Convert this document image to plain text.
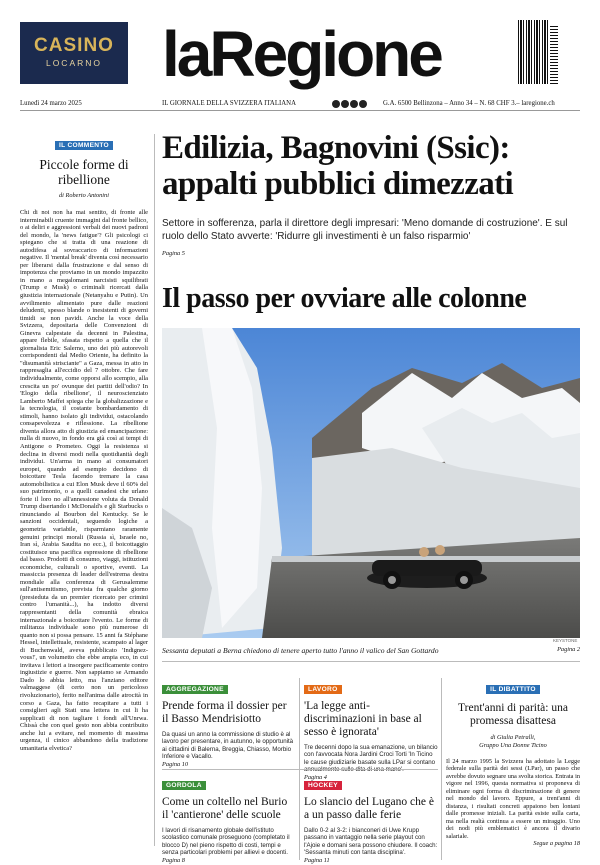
CASINO
LOCARNO laRegione
Lunedì 24 marzo 2025	IL GIORNALE DELLA SVIZZERA ITALIANA	G.A. 6500 Bellinzona – Anno 34 – N. 68 CHF 3.– laregione.ch
IL COMMENTO
Piccole forme di ribellione
di Roberto Antonini

Chi di noi non ha mai sentito, di fronte alle interminabili cruente immagini dal fronte bellico, o ai deliri e aggressioni verbali dei nuovi padroni del mondo, la 'news fatigue'? Gli psicologi ci spiegano che si tratta di una reazione di autodifesa al sovraccarico di informazioni negative. Il 'mental break' diventa così necessario per liberarsi dalla frustrazione e dal senso di impotenza che proviamo in un mondo impazzito in mano a megalomani narcisisti squilibrati (Trump e Musk) o criminali ricercati dalla giustizia internazionale (Netanyahu e Putin). Un avvilimento alimentato pure dalle reazioni deludenti, spesso blande o inesistenti di governi timidi se non pavidi. Anche la voce della Svizzera, depositaria delle Convenzioni di Ginevra calpestate da decenni in Palestina, appare flebile, sfasata rispetto a quella che il giornalista Eric Salerno, uno dei più autorevoli corrispondenti dal Medio Oriente, ha definito la "disumanità strisciante" a Gaza, messa in atto in rappresaglia all'eccidio del 7 ottobre. Che fare individualmente, come opporsi allo scempio, alla crescita un po' ovunque dei partiti dell'odio? In 'Elogio della ribellione', il neuroscienziato Lamberto Maffei spiega che la globalizzazione e la tecnologia, il costante bombardamento di stimoli, hanno isolato gli individui, ostacolando consapevolezza e riflessione. La ribellione diventa allora atto di giustizia ed emancipazione: nulla di nuovo, in fondo era già così ai tempi di Antigone o Prometeo. Oggi la resistenza si declina in diversi modi nella quotidianità degli individui. Un'arma in mano ai consumatori europei, quando ad esempio decidono di boicottare Tesla facendo tremare la casa automobilistica a cui Elon Musk deve il 60% del suo patrimonio, o a quelli canadesi che urlano forte il loro no all'annessione voluta da Donald Trump disertando i McDonald's e gli Starbucks o rinunciando al Bourbon del Kentucky. Se le sanzioni occidentali, seguendo logiche a geometria variabile, risparmiano raramente genuini principi morali (Russia sì, Israele no, Iran sì, Arabia Saudita no ecc.), il boicottaggio costituisce una pacifica espressione di ribellione dal basso. Prodotti di consumo, viaggi, istituzioni economiche, culturali o sportive, eventi. La massiccia presenza di leader dell'estrema destra mondiale alla conferenza di Gerusalemme sull'antisemitismo, prevista fra qualche giorno (presieduta da un premier ricercato per crimini contro l'umanità...), ha indotto diversi rappresentanti della comunità ebraica internazionale a boicottare l'evento. Le forme di militanza individuale sono più numerose di quanto non si possa pensare. 15 anni fa Stéphane Hessel, intellettuale, resistente, scampato al lager di Buchenwald, aveva pubblicato 'Indignez-vous!', un volumetto che ebbe ampia eco, in cui invitava i lettori a insorgere pacificamente contro ingiustizie e guerre. Non sappiamo se Armando Dado lo abbia letto, ma l'anziano editore valmaggese (di certo non un pericoloso rivoluzionario), ferito nell'anima dalle atrocità in corso a Gaza, ha fatto recapitare a tutti i consiglieri agli Stati una lettera in cui li ha supplicati di non tagliare i fondi all'Unrwa. Chissà che con quel gesto non abbia contribuito anche lui a evitare, nel momento di massima urgenza, il cinico abbandono della tradizione umanitaria elvetica?

Edilizia, Bagnovini (Ssic): appalti pubblici dimezzati
Settore in sofferenza, parla il direttore degli impresari: 'Meno domande di costruzione'. E sul ruolo dello Stato avverte: 'Ridurre gli investimenti è un falso risparmio'
Pagina 5
Il passo per ovviare alle colonne
KEYSTONE
Sessanta deputati a Berna chiedono di tenere aperto tutto l'anno il valico del San Gottardo	Pagina 2
AGGREGAZIONE
Prende forma il dossier per il Basso Mendrisiotto
Da quasi un anno la commissione di studio è al lavoro per presentare, in autunno, le opportunità ai cittadini di Balerna, Breggia, Chiasso, Morbio Inferiore e Vacallo.
Pagina 10
LAVORO
'La legge anti-discriminazioni in base al sesso è ignorata'
Tre decenni dopo la sua emanazione, un bilancio con l'avvocata Nora Jardini Croci Torti 'In Ticino le cause giudiziarie basate sulla LPar si contano annualmente sulle dita di una mano'.
Pagina 4
GORDOLA
Come un coltello nel Burio il 'cantierone' delle scuole
I lavori di risanamento globale dell'istituto scolastico comunale proseguono (completato il blocco D) nel pieno rispetto di costi, tempi e senza particolari problemi per allievi e docenti.
Pagina 8
HOCKEY
Lo slancio del Lugano che è a un passo dalle ferie
Dallo 0-2 al 3-2: i bianconeri di Uwe Krupp passano in vantaggio nella serie playout con l'Ajoie e domani sera possono chiudere. Il coach: 'Sessanta minuti con tanta disciplina'.
Pagina 11
IL DIBATTITO
Trent'anni di parità: una promessa disattesa
di Giulia Petralli,
Gruppo Una Donne Ticino
Il 24 marzo 1995 la Svizzera ha adottato la Legge federale sulla parità dei sessi (LPar), un passo che avrebbe dovuto segnare una svolta storica. Entrata in vigore nel 1996, questa normativa si proponeva di eliminare ogni forma di discriminazione di genere nel mondo del lavoro. Eppure, a trent'anni di distanza, i risultati concreti appaiono ben lontani dalle promesse iniziali. La parità esiste sulla carta, ma nella realtà continua a essere un miraggio. Uno dei nodi più emblematici è ancora il divario salariale.
Segue a pagina 18
